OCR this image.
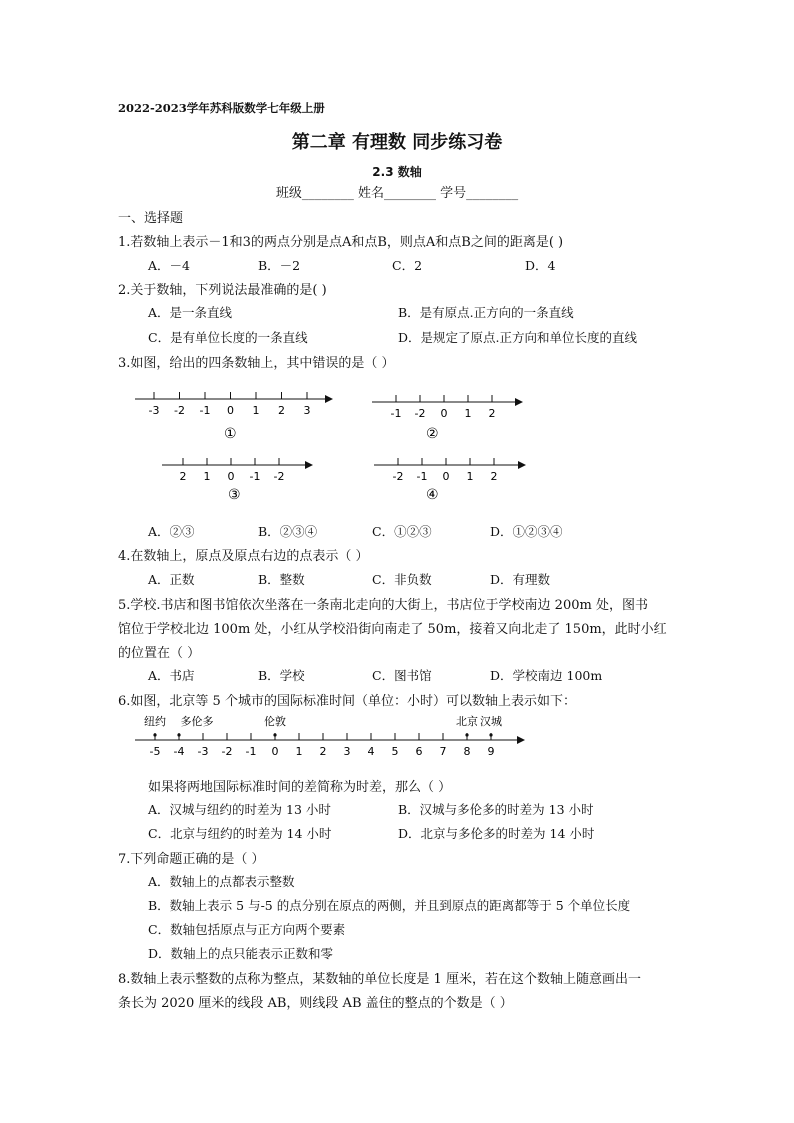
2022-2023学年苏科版数学七年级上册
第二章 有理数 同步练习卷
2.3 数轴
班级________ 姓名________ 学号________
一、选择题
1.若数轴上表示－1和3的两点分别是点A和点B，则点A和点B之间的距离是( )
A．－4	B．－2	C．2	D．4
2.关于数轴，下列说法最准确的是( )
A．是一条直线	B．是有原点.正方向的一条直线
C．是有单位长度的一条直线	D．是规定了原点.正方向和单位长度的直线
3.如图，给出的四条数轴上，其中错误的是（ ）
-3 -2 -1 0 1 2 3
①
-1 -2 0 1 2
②
2 1 0 -1 -2
③
-2 -1 0 1 2
④
A．②③	B．②③④	C．①②③	D．①②③④
4.在数轴上，原点及原点右边的点表示（ ）
A．正数	B．整数	C．非负数	D．有理数
5.学校.书店和图书馆依次坐落在一条南北走向的大街上，书店位于学校南边 200m 处，图书
馆位于学校北边 100m 处，小红从学校沿街向南走了 50m，接着又向北走了 150m，此时小红
的位置在（ ）
A．书店	B．学校	C．图书馆	D．学校南边 100m
6.如图，北京等 5 个城市的国际标准时间（单位：小时）可以数轴上表示如下：
-5 -4 -3 -2 -1 0 1 2 3 4 5 6 7 8 9
纽约 多伦多	伦敦	北京 汉城
如果将两地国际标准时间的差简称为时差，那么（ ）
A．汉城与纽约的时差为 13 小时	B．汉城与多伦多的时差为 13 小时
C．北京与纽约的时差为 14 小时	D．北京与多伦多的时差为 14 小时
7.下列命题正确的是（ ）
A．数轴上的点都表示整数
B．数轴上表示 5 与-5 的点分别在原点的两侧，并且到原点的距离都等于 5 个单位长度
C．数轴包括原点与正方向两个要素
D．数轴上的点只能表示正数和零
8.数轴上表示整数的点称为整点，某数轴的单位长度是 1 厘米，若在这个数轴上随意画出一
条长为 2020 厘米的线段 AB，则线段 AB 盖住的整点的个数是（ ）
